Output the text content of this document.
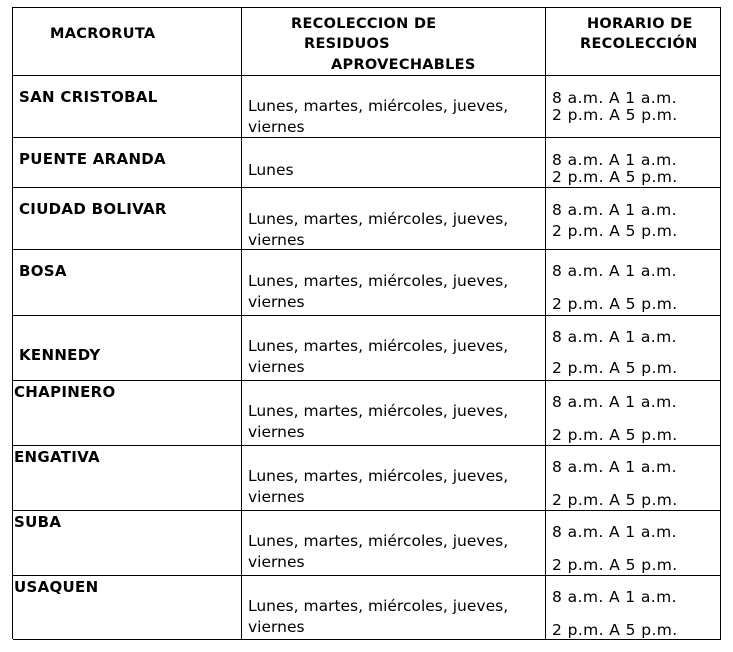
MACRORUTA
RECOLECCION DE
RESIDUOS
APROVECHABLES
HORARIO DE
RECOLECCIÓN
SAN CRISTOBAL	Lunes, martes, miércoles, jueves,
viernes
8 a.m. A 1 a.m.
2 p.m. A 5 p.m.
PUENTE ARANDA
Lunes
8 a.m. A 1 a.m.
2 p.m. A 5 p.m.
CIUDAD BOLIVAR
Lunes, martes, miércoles, jueves,
viernes
8 a.m. A 1 a.m.
2 p.m. A 5 p.m.
BOSA
Lunes, martes, miércoles, jueves,
viernes
8 a.m. A 1 a.m.
2 p.m. A 5 p.m.
KENNEDY	Lunes, martes, miércoles, jueves,
viernes
8 a.m. A 1 a.m.
2 p.m. A 5 p.m.
CHAPINERO
Lunes, martes, miércoles, jueves,
viernes
8 a.m. A 1 a.m.
2 p.m. A 5 p.m.
ENGATIVA
Lunes, martes, miércoles, jueves,
viernes
8 a.m. A 1 a.m.
2 p.m. A 5 p.m.
SUBA
Lunes, martes, miércoles, jueves,
viernes
8 a.m. A 1 a.m.
2 p.m. A 5 p.m.
USAQUEN
Lunes, martes, miércoles, jueves,
viernes
8 a.m. A 1 a.m.
2 p.m. A 5 p.m.
